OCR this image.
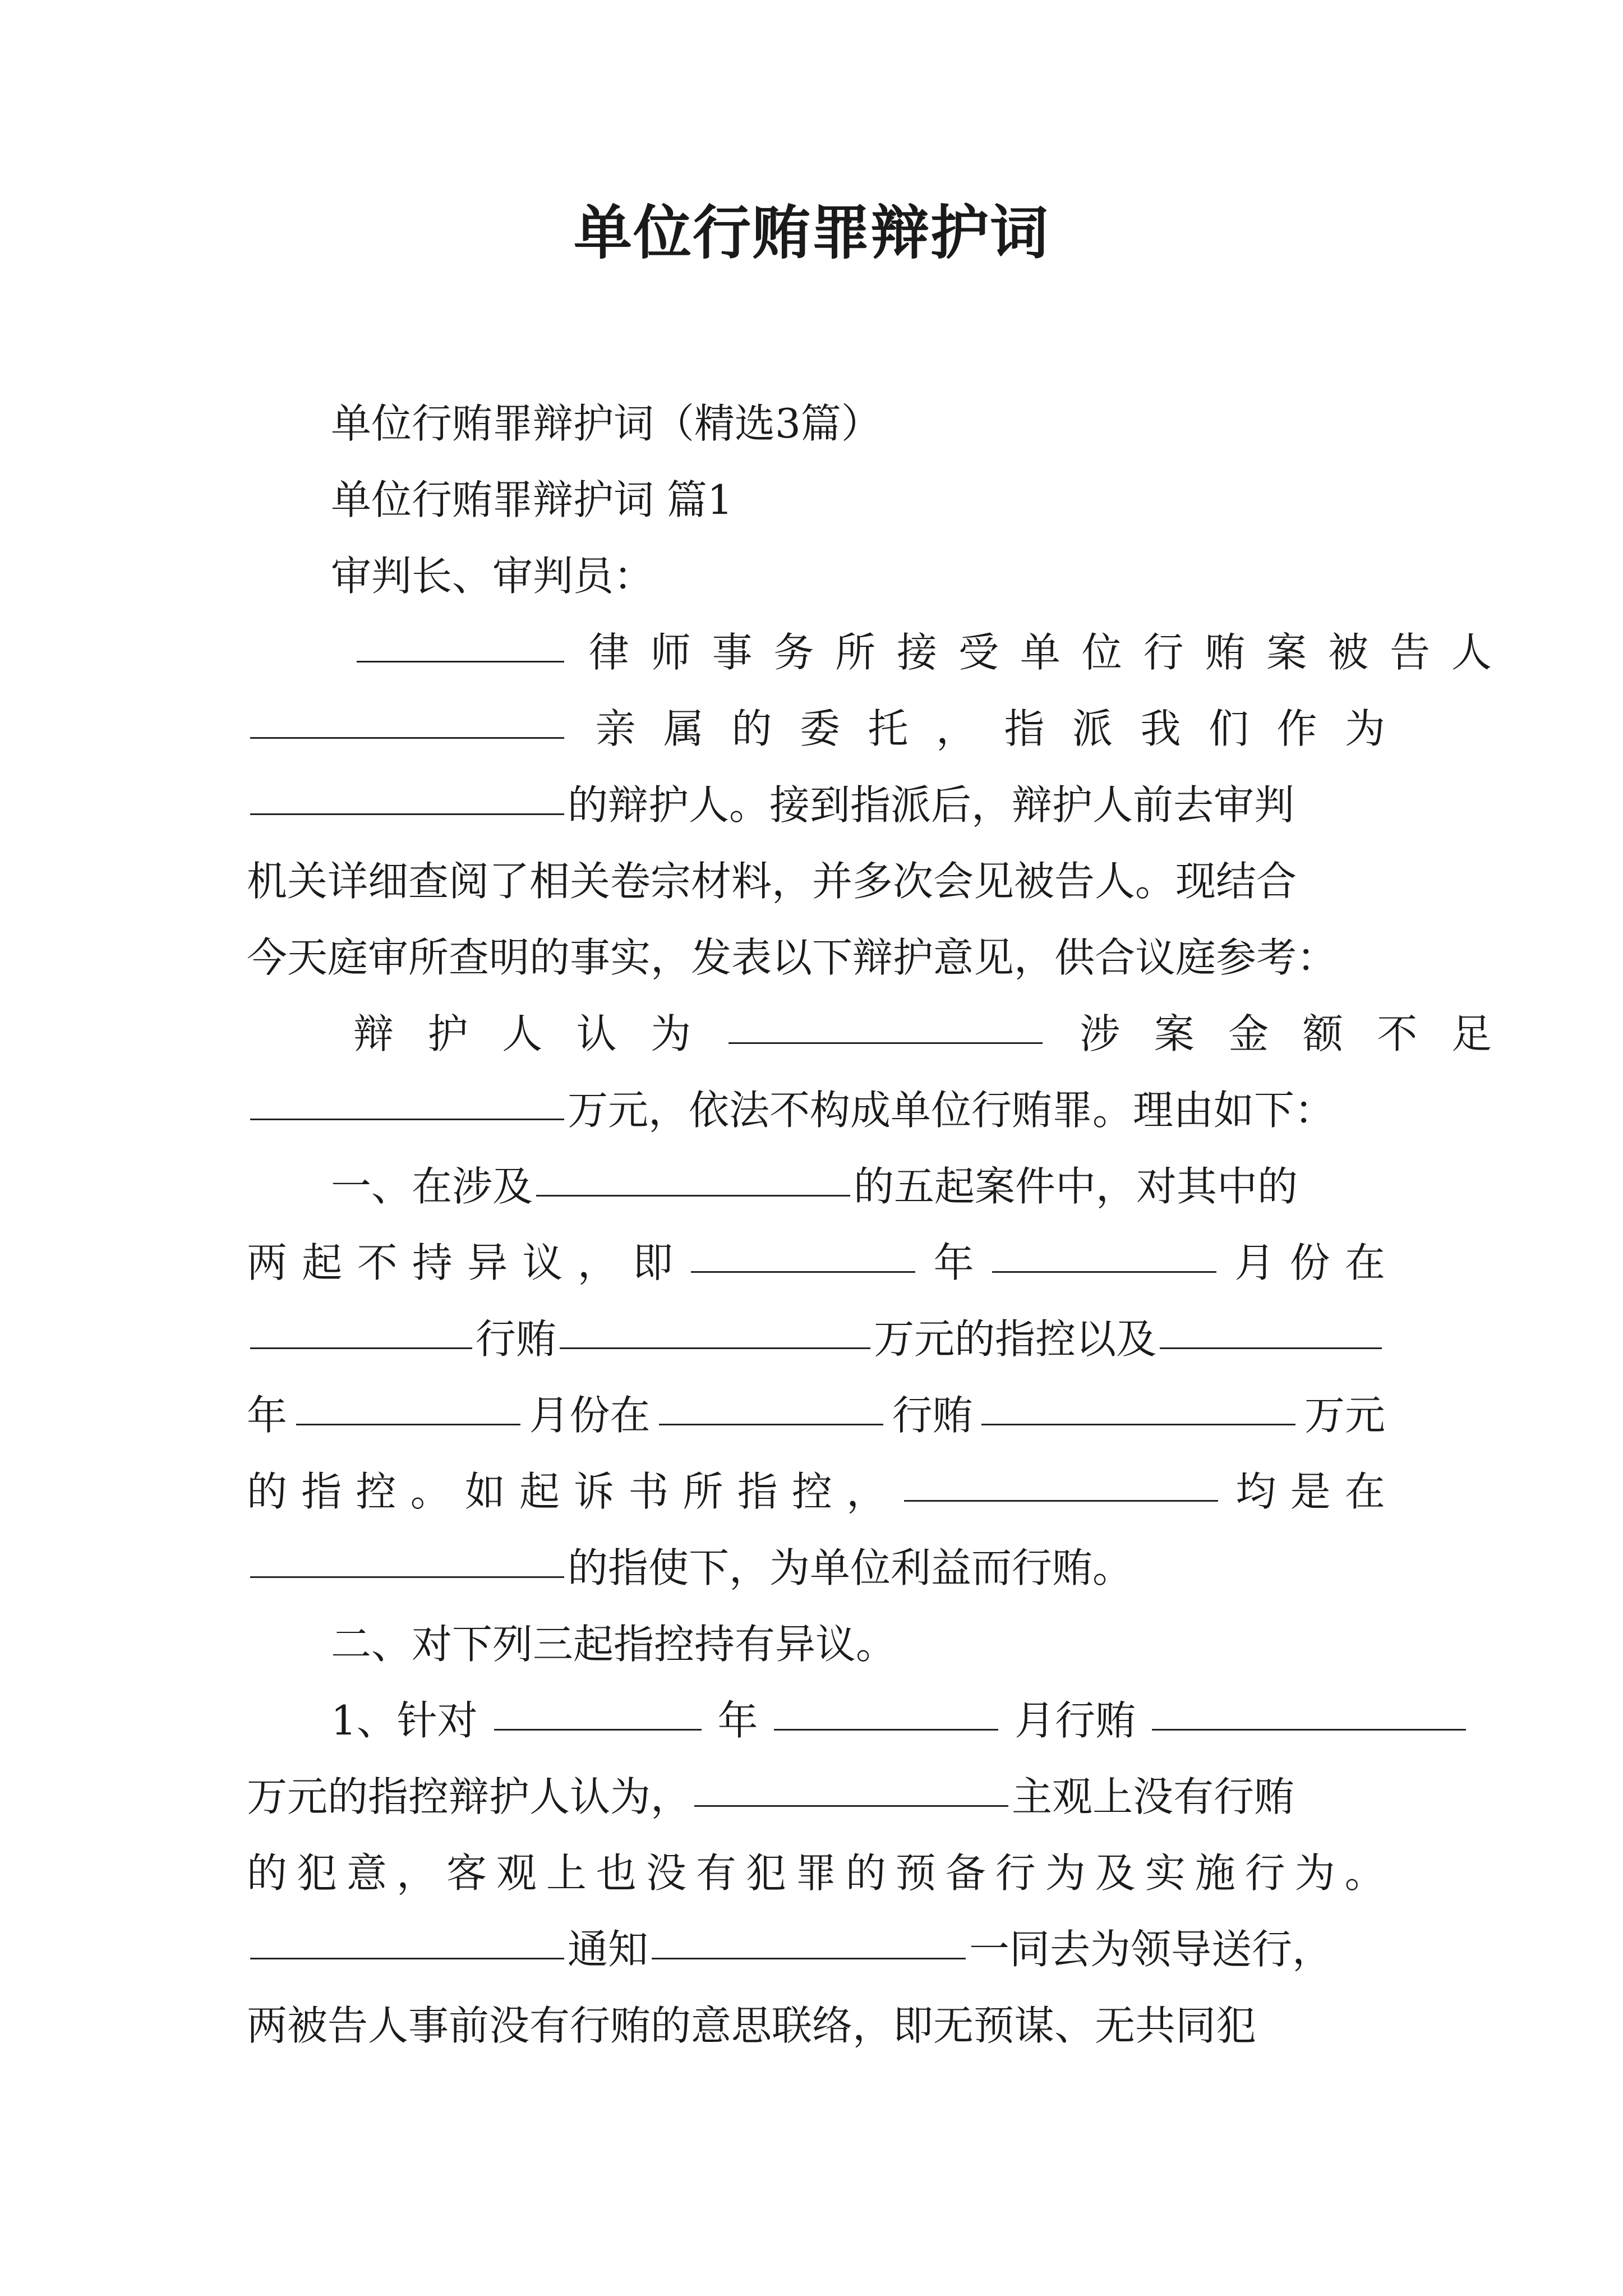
单位行贿罪辩护词
单位行贿罪辩护词（精选3篇）
单位行贿罪辩护词 篇1
审判长、审判员：
律 师 事 务 所 接 受 单 位 行 贿 案 被 告 人
亲 属 的 委 托 ， 指 派 我 们 作 为
的辩护人。接到指派后，辩护人前去审判
机关详细查阅了相关卷宗材料，并多次会见被告人。现结合
今天庭审所查明的事实，发表以下辩护意见，供合议庭参考：
辩 护 人 认 为	涉 案 金 额 不 足
万元，依法不构成单位行贿罪。理由如下：
一、在涉及	的五起案件中，对其中的
两 起 不 持 异 议 ， 即	年	月 份 在
行贿	万元的指控以及
年	月份在	行贿	万元
的 指 控 。 如 起 诉 书 所 指 控 ，	均 是 在
的指使下，为单位利益而行贿。
二、对下列三起指控持有异议。
1、针对	年	月行贿
万元的指控辩护人认为，	主观上没有行贿
的 犯 意 ， 客 观 上 也 没 有 犯 罪 的 预 备 行 为 及 实 施 行 为 。
通知	一同去为领导送行，
两被告人事前没有行贿的意思联络，即无预谋、无共同犯
